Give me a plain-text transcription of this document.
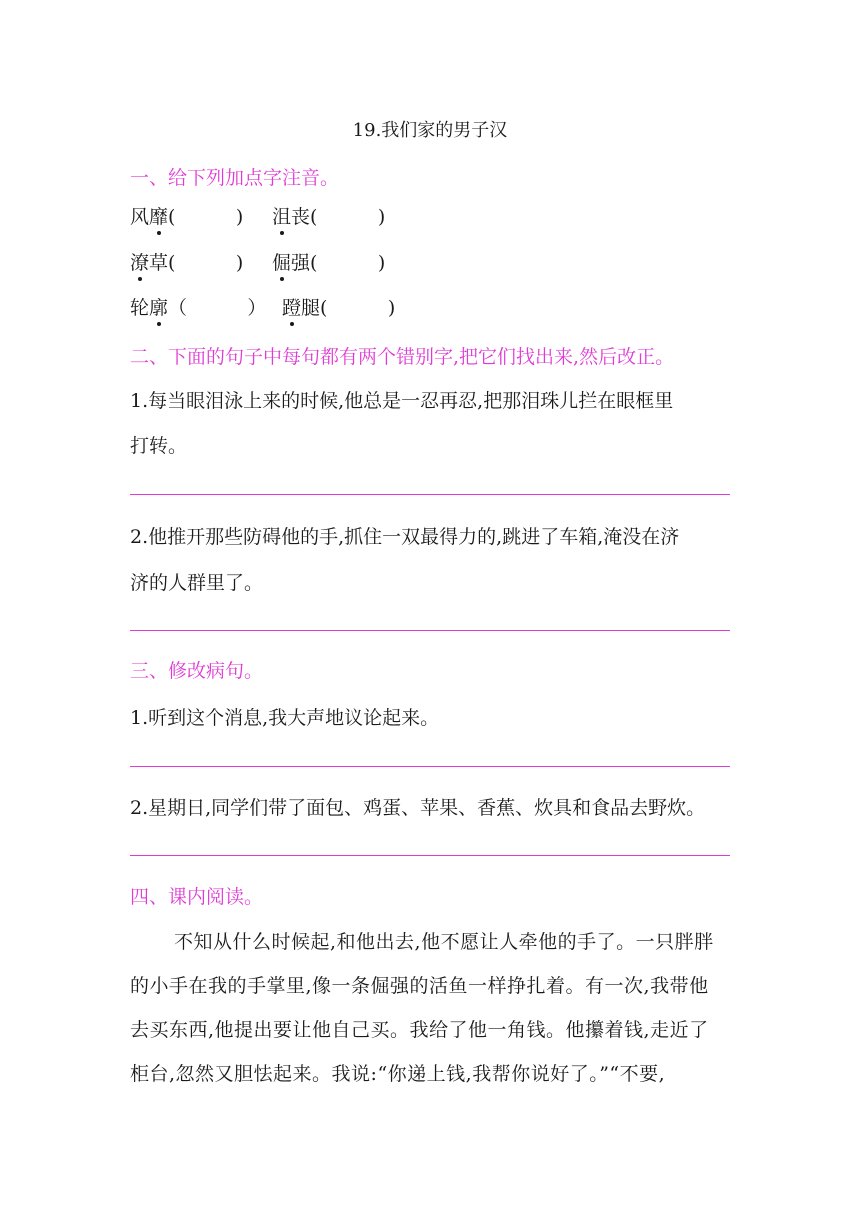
19.我们家的男子汉
一、给下列加点字注音。
风靡(          ) 沮丧(          )
潦草(          ) 倔强(          )
轮廓（          ） 蹬腿(          )
二、下面的句子中每句都有两个错别字,把它们找出来,然后改正。
1.每当眼泪泳上来的时候,他总是一忍再忍,把那泪珠儿拦在眼框里
打转。
2.他推开那些防碍他的手,抓住一双最得力的,跳进了车箱,淹没在济
济的人群里了。
三、修改病句。
1.听到这个消息,我大声地议论起来。
2.星期日,同学们带了面包、鸡蛋、苹果、香蕉、炊具和食品去野炊。
四、课内阅读。
不知从什么时候起,和他出去,他不愿让人牵他的手了。一只胖胖
的小手在我的手掌里,像一条倔强的活鱼一样挣扎着。有一次,我带他
去买东西,他提出要让他自己买。我给了他一角钱。他攥着钱,走近了
柜台,忽然又胆怯起来。我说:“你递上钱,我帮你说好了。”“不要,
